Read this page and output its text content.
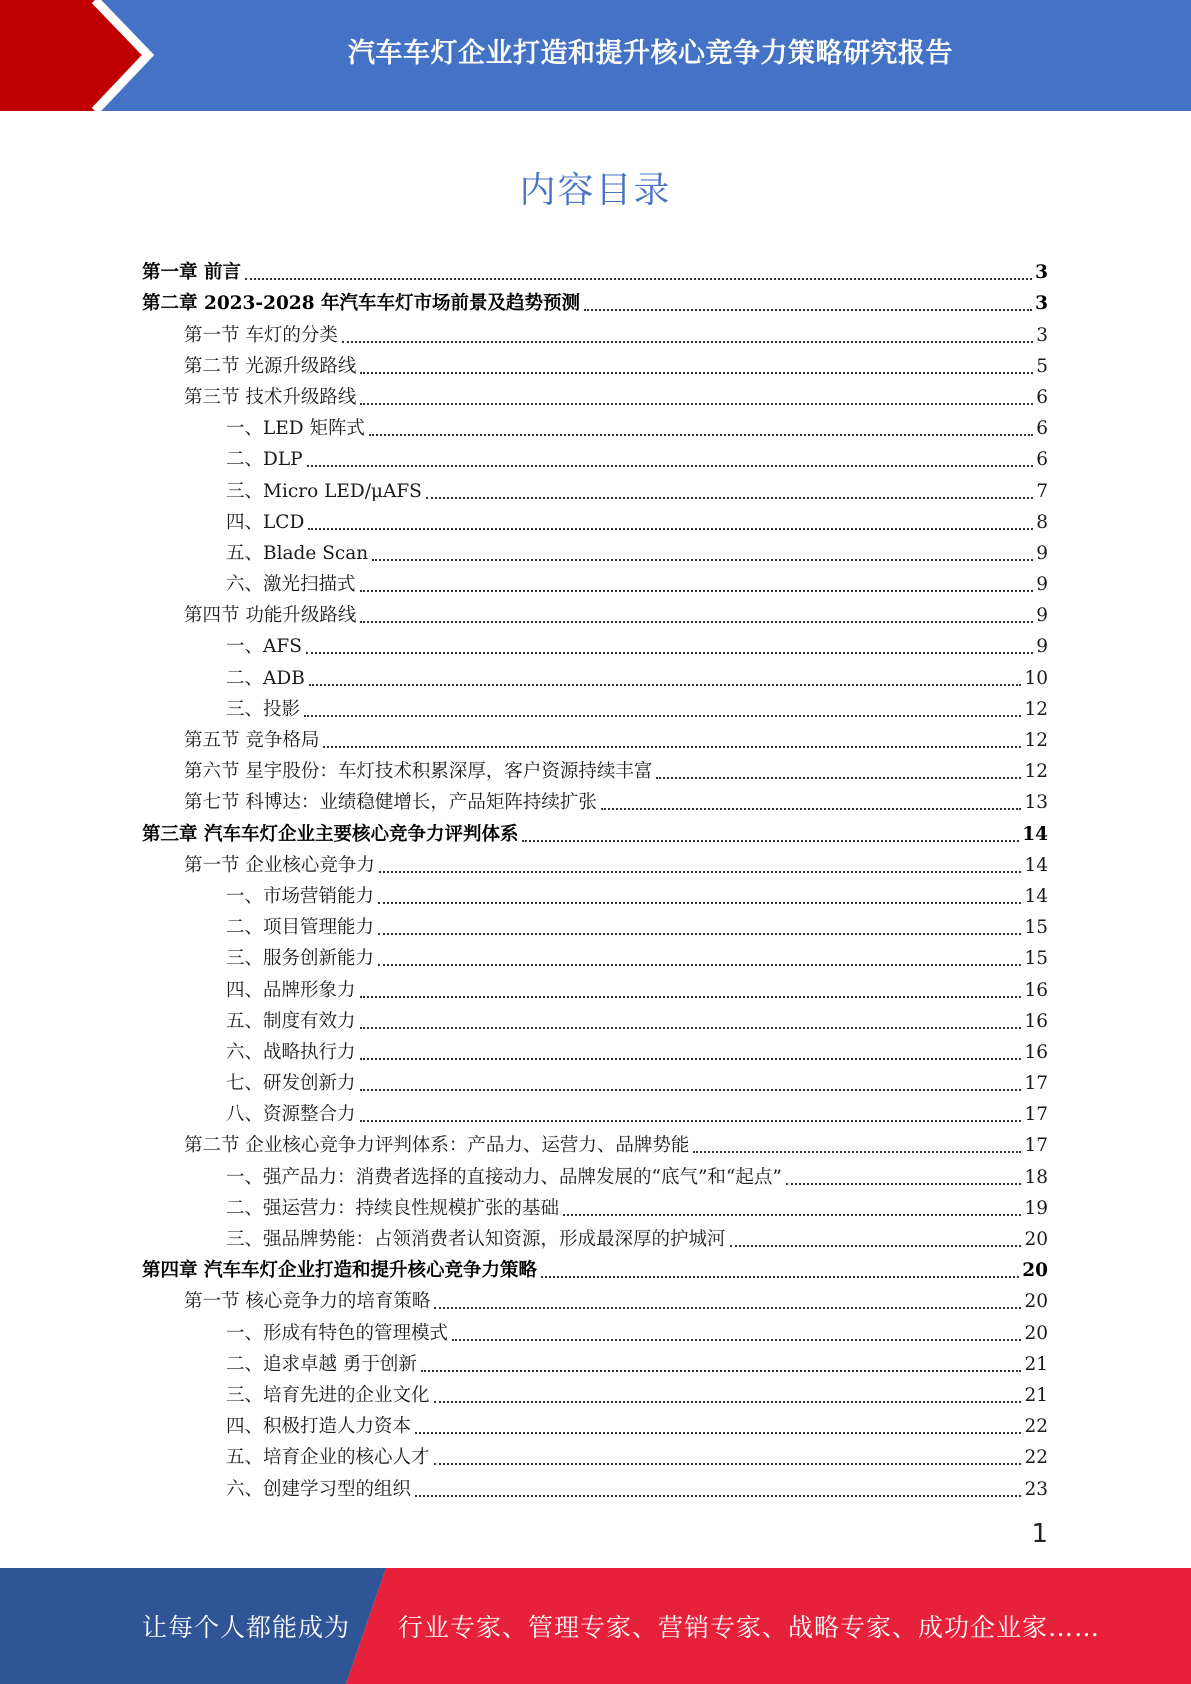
汽车车灯企业打造和提升核心竞争力策略研究报告
内容目录
第一章 前言	3
第二章 2023-2028 年汽车车灯市场前景及趋势预测	3
第一节 车灯的分类	3
第二节 光源升级路线	5
第三节 技术升级路线	6
一、LED 矩阵式	6
二、DLP	6
三、Micro LED/μAFS	7
四、LCD	8
五、Blade Scan	9
六、激光扫描式	9
第四节 功能升级路线	9
一、AFS	9
二、ADB	10
三、投影	12
第五节 竞争格局	12
第六节 星宇股份：车灯技术积累深厚，客户资源持续丰富	12
第七节 科博达：业绩稳健增长，产品矩阵持续扩张	13
第三章 汽车车灯企业主要核心竞争力评判体系	14
第一节 企业核心竞争力	14
一、市场营销能力	14
二、项目管理能力	15
三、服务创新能力	15
四、品牌形象力	16
五、制度有效力	16
六、战略执行力	16
七、研发创新力	17
八、资源整合力	17
第二节 企业核心竞争力评判体系：产品力、运营力、品牌势能	17
一、强产品力：消费者选择的直接动力、品牌发展的“底气”和“起点”	18
二、强运营力：持续良性规模扩张的基础	19
三、强品牌势能：占领消费者认知资源，形成最深厚的护城河	20
第四章 汽车车灯企业打造和提升核心竞争力策略	20
第一节 核心竞争力的培育策略	20
一、形成有特色的管理模式	20
二、追求卓越 勇于创新	21
三、培育先进的企业文化	21
四、积极打造人力资本	22
五、培育企业的核心人才	22
六、创建学习型的组织	23
1
让每个人都能成为 行业专家、管理专家、营销专家、战略专家、成功企业家……
